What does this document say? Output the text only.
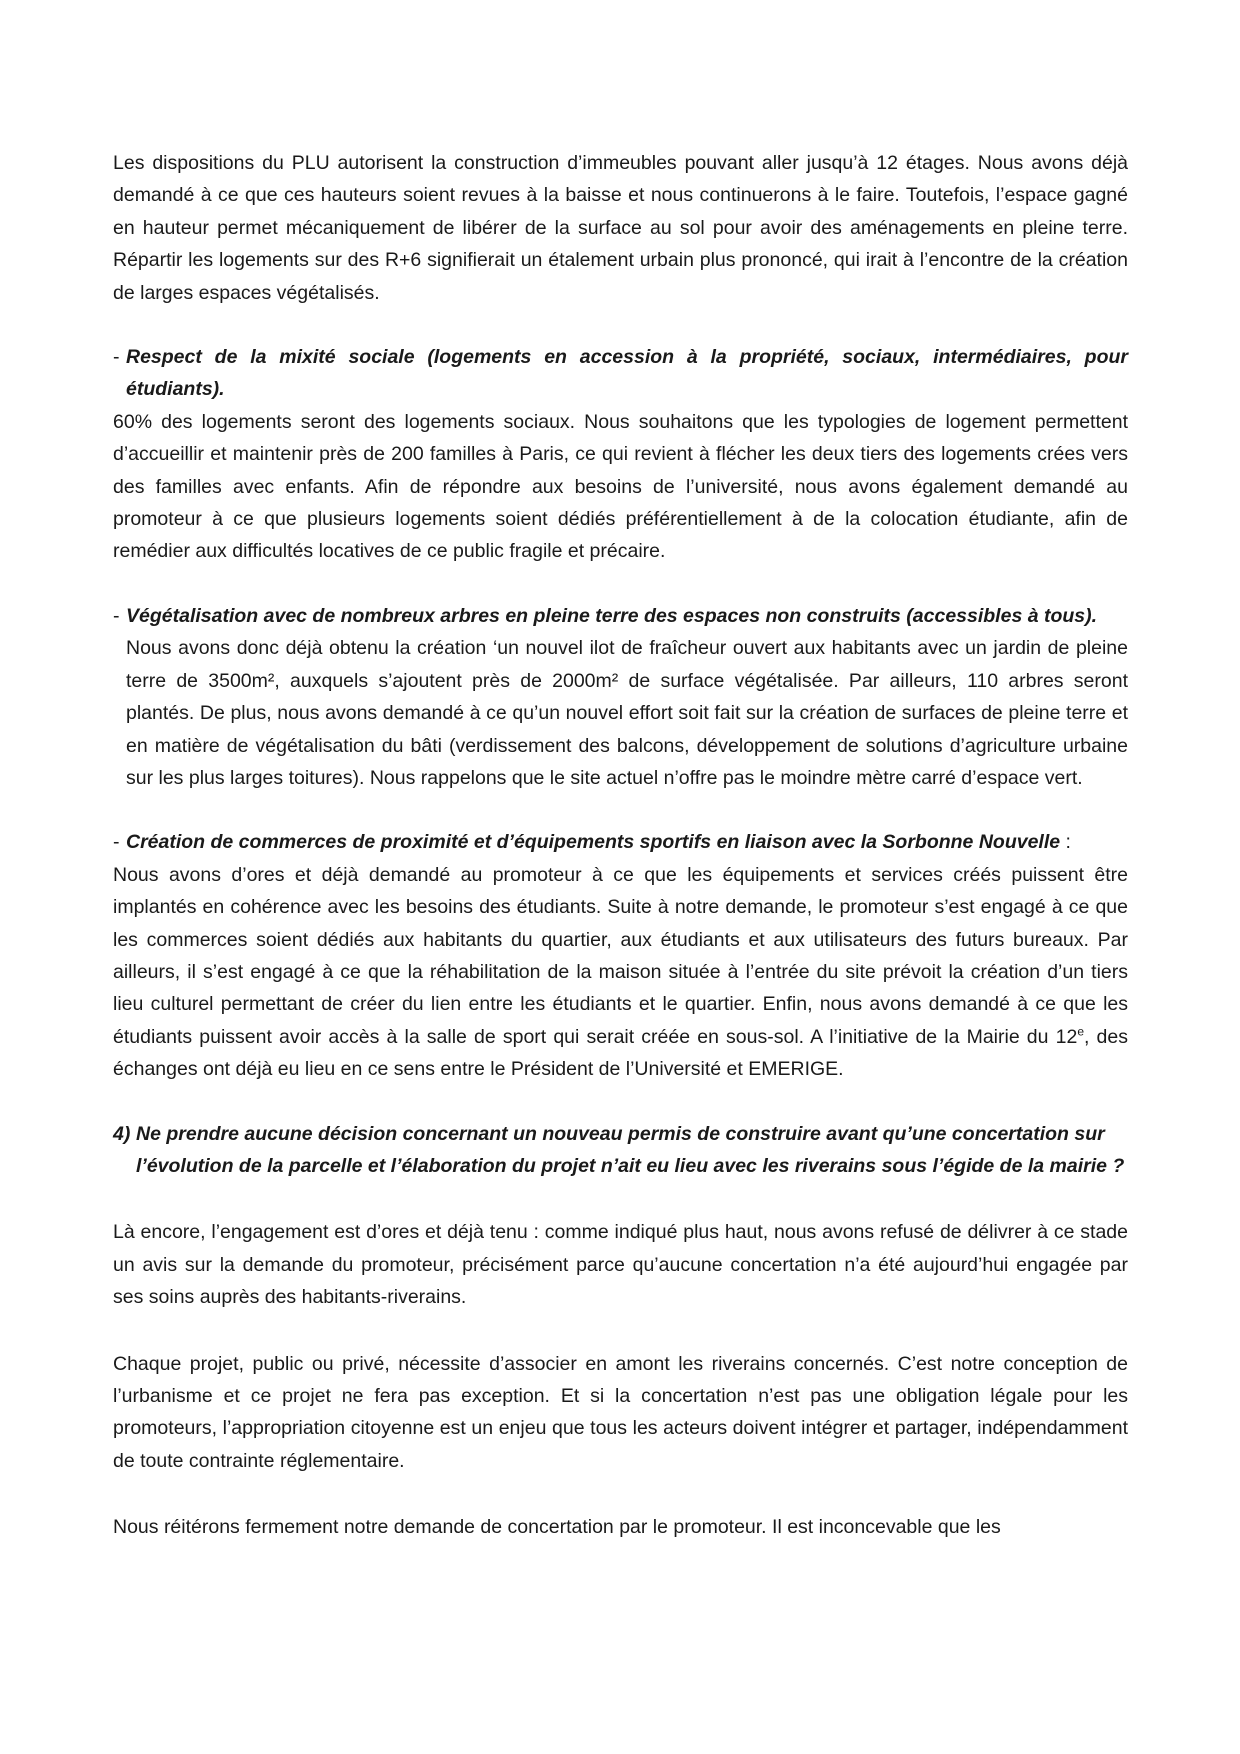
Les dispositions du PLU autorisent la construction d’immeubles pouvant aller jusqu’à 12 étages. Nous avons déjà demandé à ce que ces hauteurs soient revues à la baisse et nous continuerons à le faire. Toutefois, l’espace gagné en hauteur permet mécaniquement de libérer de la surface au sol pour avoir des aménagements en pleine terre. Répartir les logements sur des R+6 signifierait un étalement urbain plus prononcé, qui irait à l’encontre de la création de larges espaces végétalisés.

- Respect de la mixité sociale (logements en accession à la propriété, sociaux, intermédiaires, pour étudiants).

60% des logements seront des logements sociaux. Nous souhaitons que les typologies de logement permettent d’accueillir et maintenir près de 200 familles à Paris, ce qui revient à flécher les deux tiers des logements crées vers des familles avec enfants. Afin de répondre aux besoins de l’université, nous avons également demandé au promoteur à ce que plusieurs logements soient dédiés préférentiellement à de la colocation étudiante, afin de remédier aux difficultés locatives de ce public fragile et précaire.

- Végétalisation avec de nombreux arbres en pleine terre des espaces non construits (accessibles à tous).

Nous avons donc déjà obtenu la création ‘un nouvel ilot de fraîcheur ouvert aux habitants avec un jardin de pleine terre de 3500m², auxquels s’ajoutent près de 2000m² de surface végétalisée. Par ailleurs, 110 arbres seront plantés. De plus, nous avons demandé à ce qu’un nouvel effort soit fait sur la création de surfaces de pleine terre et en matière de végétalisation du bâti (verdissement des balcons, développement de solutions d’agriculture urbaine sur les plus larges toitures). Nous rappelons que le site actuel n’offre pas le moindre mètre carré d’espace vert.

- Création de commerces de proximité et d’équipements sportifs en liaison avec la Sorbonne Nouvelle :

Nous avons d’ores et déjà demandé au promoteur à ce que les équipements et services créés puissent être implantés en cohérence avec les besoins des étudiants. Suite à notre demande, le promoteur s’est engagé à ce que les commerces soient dédiés aux habitants du quartier, aux étudiants et aux utilisateurs des futurs bureaux. Par ailleurs, il s’est engagé à ce que la réhabilitation de la maison située à l’entrée du site prévoit la création d’un tiers lieu culturel permettant de créer du lien entre les étudiants et le quartier. Enfin, nous avons demandé à ce que les étudiants puissent avoir accès à la salle de sport qui serait créée en sous-sol. A l’initiative de la Mairie du 12e, des échanges ont déjà eu lieu en ce sens entre le Président de l’Université et EMERIGE.

4) Ne prendre aucune décision concernant un nouveau permis de construire avant qu’une concertation sur l’évolution de la parcelle et l’élaboration du projet n’ait eu lieu avec les riverains sous l’égide de la mairie ?

Là encore, l’engagement est d’ores et déjà tenu : comme indiqué plus haut, nous avons refusé de délivrer à ce stade un avis sur la demande du promoteur, précisément parce qu’aucune concertation n’a été aujourd’hui engagée par ses soins auprès des habitants-riverains.

Chaque projet, public ou privé, nécessite d’associer en amont les riverains concernés. C’est notre conception de l’urbanisme et ce projet ne fera pas exception. Et si la concertation n’est pas une obligation légale pour les promoteurs, l’appropriation citoyenne est un enjeu que tous les acteurs doivent intégrer et partager, indépendamment de toute contrainte réglementaire.

Nous réitérons fermement notre demande de concertation par le promoteur. Il est inconcevable que les
